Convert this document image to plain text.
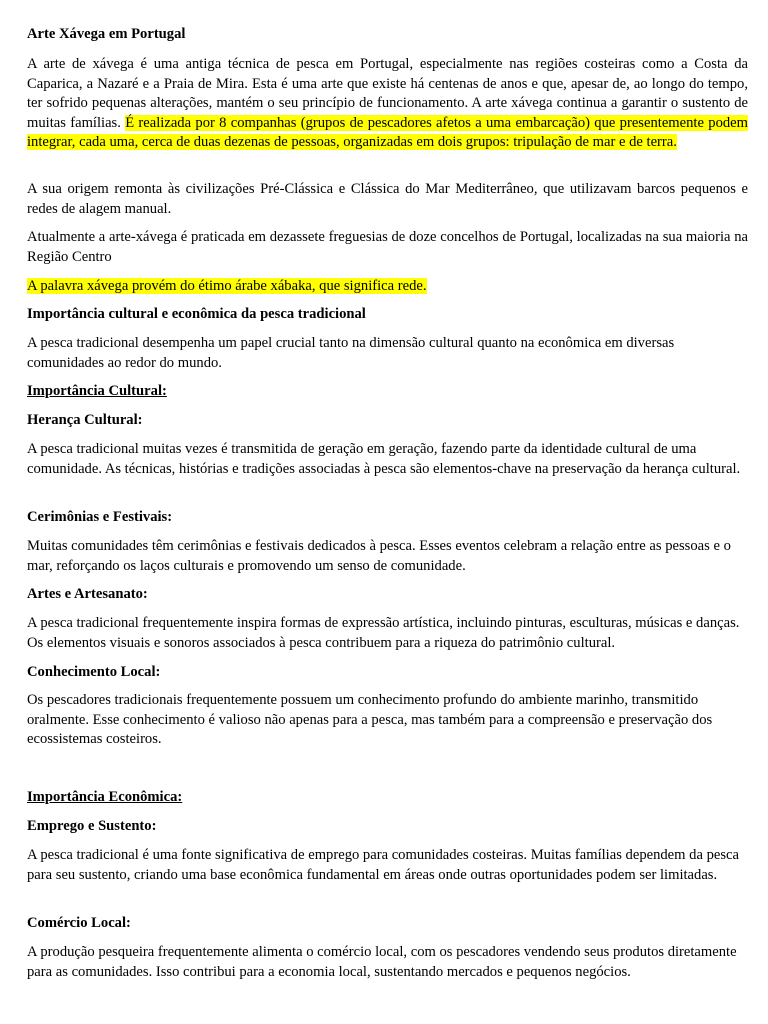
Arte Xávega em Portugal

A arte de xávega é uma antiga técnica de pesca em Portugal, especialmente nas regiões costeiras como a Costa da Caparica, a Nazaré e a Praia de Mira. Esta é uma arte que existe há centenas de anos e que, apesar de, ao longo do tempo, ter sofrido pequenas alterações, mantém o seu princípio de funcionamento. A arte xávega continua a garantir o sustento de muitas famílias. É realizada por 8 companhas (grupos de pescadores afetos a uma embarcação) que presentemente podem integrar, cada uma, cerca de duas dezenas de pessoas, organizadas em dois grupos: tripulação de mar e de terra.

A sua origem remonta às civilizações Pré-Clássica e Clássica do Mar Mediterrâneo, que utilizavam barcos pequenos e redes de alagem manual.

Atualmente a arte-xávega é praticada em dezassete freguesias de doze concelhos de Portugal, localizadas na sua maioria na Região Centro

A palavra xávega provém do étimo árabe xábaka, que significa rede.

Importância cultural e econômica da pesca tradicional

A pesca tradicional desempenha um papel crucial tanto na dimensão cultural quanto na econômica em diversas comunidades ao redor do mundo.

Importância Cultural:

Herança Cultural:

A pesca tradicional muitas vezes é transmitida de geração em geração, fazendo parte da identidade cultural de uma comunidade. As técnicas, histórias e tradições associadas à pesca são elementos-chave na preservação da herança cultural.

Cerimônias e Festivais:

Muitas comunidades têm cerimônias e festivais dedicados à pesca. Esses eventos celebram a relação entre as pessoas e o mar, reforçando os laços culturais e promovendo um senso de comunidade.

Artes e Artesanato:

A pesca tradicional frequentemente inspira formas de expressão artística, incluindo pinturas, esculturas, músicas e danças. Os elementos visuais e sonoros associados à pesca contribuem para a riqueza do patrimônio cultural.

Conhecimento Local:

Os pescadores tradicionais frequentemente possuem um conhecimento profundo do ambiente marinho, transmitido oralmente. Esse conhecimento é valioso não apenas para a pesca, mas também para a compreensão e preservação dos ecossistemas costeiros.

Importância Econômica:

Emprego e Sustento:

A pesca tradicional é uma fonte significativa de emprego para comunidades costeiras. Muitas famílias dependem da pesca para seu sustento, criando uma base econômica fundamental em áreas onde outras oportunidades podem ser limitadas.

Comércio Local:

A produção pesqueira frequentemente alimenta o comércio local, com os pescadores vendendo seus produtos diretamente para as comunidades. Isso contribui para a economia local, sustentando mercados e pequenos negócios.
